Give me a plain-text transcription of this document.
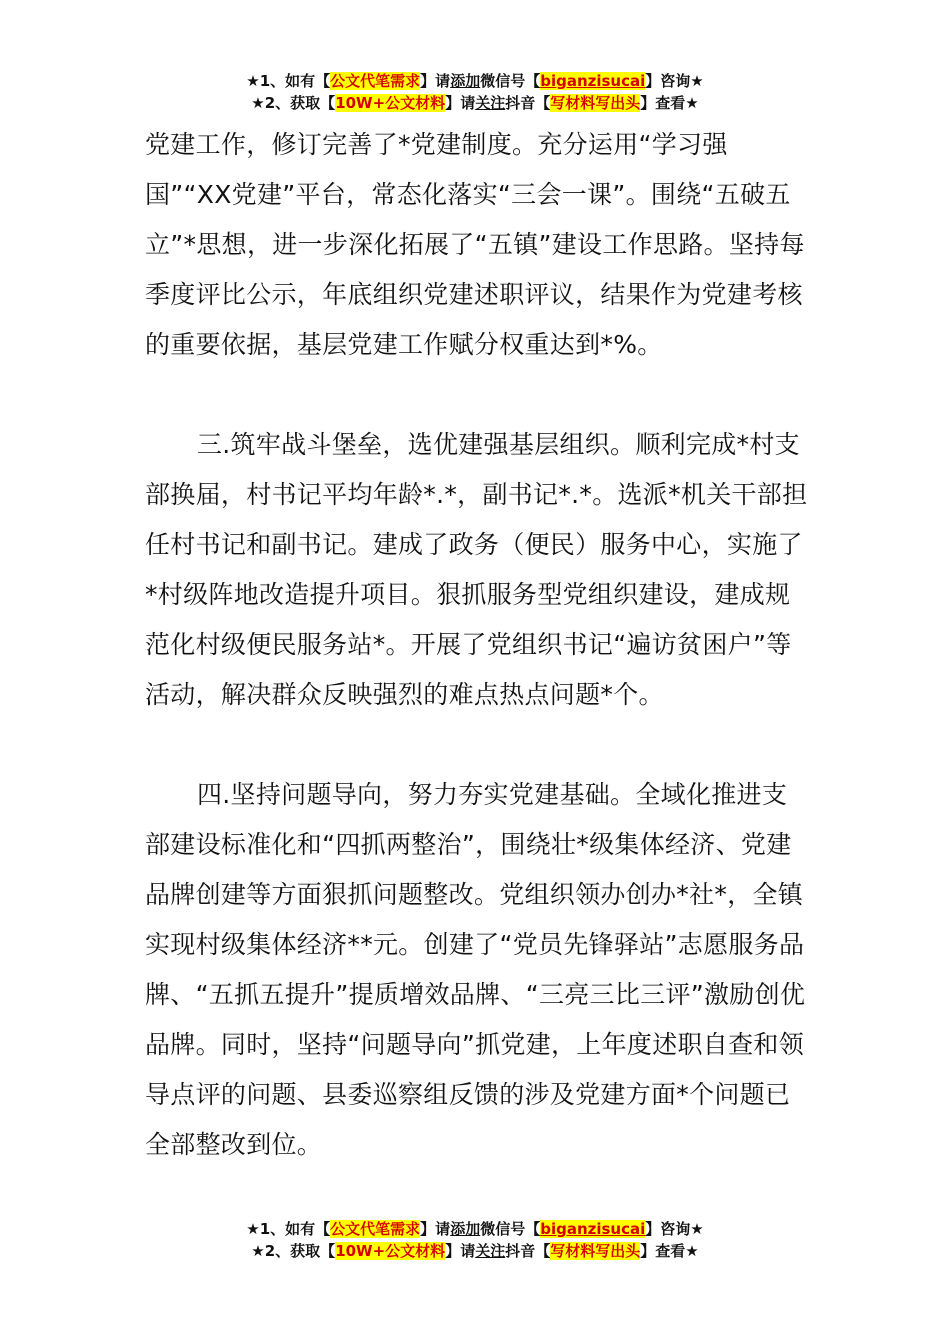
★1、如有【公文代笔需求】请添加微信号【biganzisucai】咨询★
★2、获取【10W+公文材料】请关注抖音【写材料写出头】查看★

党建工作，修订完善了*党建制度。充分运用“学习强国”“XX党建”平台，常态化落实“三会一课”。围绕“五破五立”*思想，进一步深化拓展了“五镇”建设工作思路。坚持每季度评比公示，年底组织党建述职评议，结果作为党建考核的重要依据，基层党建工作赋分权重达到*%。

三.筑牢战斗堡垒，选优建强基层组织。顺利完成*村支部换届，村书记平均年龄*.*，副书记*.*。选派*机关干部担任村书记和副书记。建成了政务（便民）服务中心，实施了*村级阵地改造提升项目。狠抓服务型党组织建设，建成规范化村级便民服务站*。开展了党组织书记“遍访贫困户”等活动，解决群众反映强烈的难点热点问题*个。

四.坚持问题导向，努力夯实党建基础。全域化推进支部建设标准化和“四抓两整治”，围绕壮*级集体经济、党建品牌创建等方面狠抓问题整改。党组织领办创办*社*，全镇实现村级集体经济**元。创建了“党员先锋驿站”志愿服务品牌、“五抓五提升”提质增效品牌、“三亮三比三评”激励创优品牌。同时，坚持“问题导向”抓党建，上年度述职自查和领导点评的问题、县委巡察组反馈的涉及党建方面*个问题已全部整改到位。

★1、如有【公文代笔需求】请添加微信号【biganzisucai】咨询★
★2、获取【10W+公文材料】请关注抖音【写材料写出头】查看★
